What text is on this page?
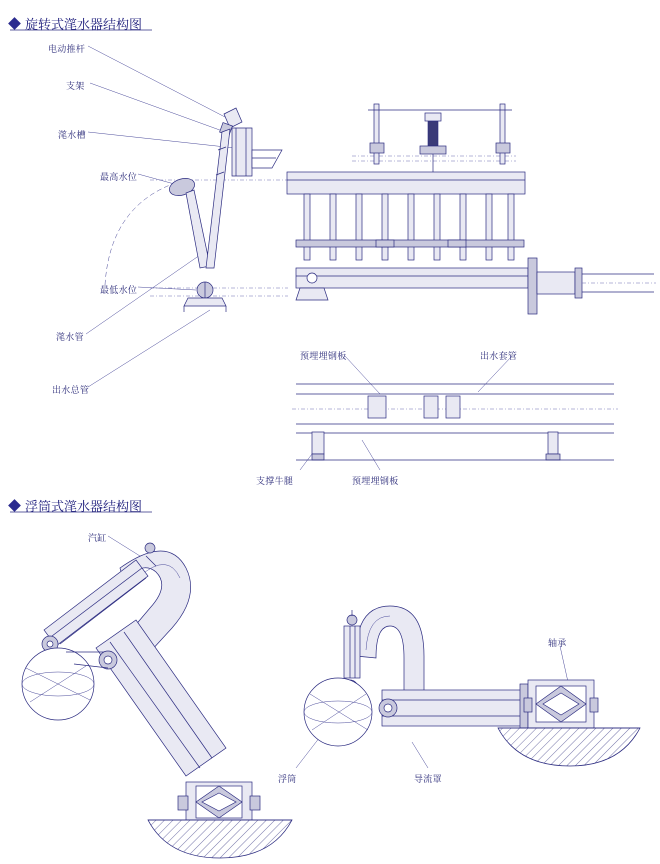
旋转式滗水器结构图
浮筒式滗水器结构图
电动推杆
支架
滗水槽
最高水位
最低水位
滗水管
出水总管
预埋埋钢板	出水套管
支撑牛腿	预埋埋钢板
汽缸
浮筒	导流罩
轴承
